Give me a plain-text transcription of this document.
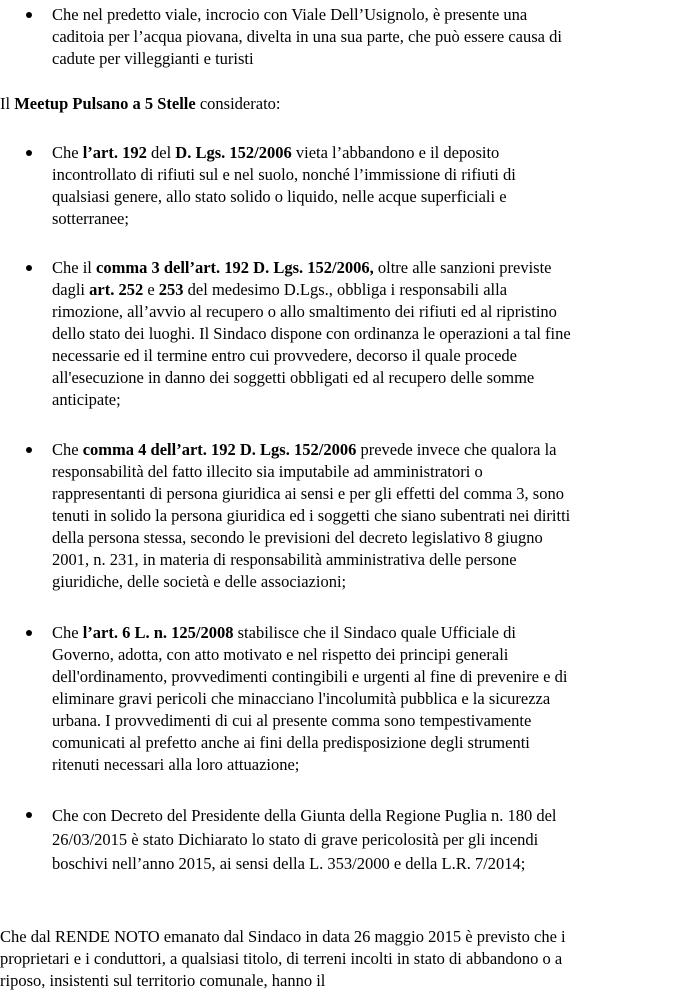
Che nel predetto viale, incrocio con Viale Dell’Usignolo, è presente una
caditoia per l’acqua piovana, divelta in una sua parte, che può essere causa di
cadute per villeggianti e turisti
Il Meetup Pulsano a 5 Stelle considerato:
Che l’art. 192 del D. Lgs. 152/2006 vieta l’abbandono e il deposito
incontrollato di rifiuti sul e nel suolo, nonché l’immissione di rifiuti di
qualsiasi genere, allo stato solido o liquido, nelle acque superficiali e
sotterranee;
Che il comma 3 dell’art. 192 D. Lgs. 152/2006, oltre alle sanzioni previste
dagli art. 252 e 253 del medesimo D.Lgs., obbliga i responsabili alla
rimozione, all’avvio al recupero o allo smaltimento dei rifiuti ed al ripristino
dello stato dei luoghi. Il Sindaco dispone con ordinanza le operazioni a tal fine
necessarie ed il termine entro cui provvedere, decorso il quale procede
all'esecuzione in danno dei soggetti obbligati ed al recupero delle somme
anticipate;
Che comma 4 dell’art. 192 D. Lgs. 152/2006 prevede invece che qualora la
responsabilità del fatto illecito sia imputabile ad amministratori o
rappresentanti di persona giuridica ai sensi e per gli effetti del comma 3, sono
tenuti in solido la persona giuridica ed i soggetti che siano subentrati nei diritti
della persona stessa, secondo le previsioni del decreto legislativo 8 giugno
2001, n. 231, in materia di responsabilità amministrativa delle persone
giuridiche, delle società e delle associazioni;
Che l’art. 6 L. n. 125/2008 stabilisce che il Sindaco quale Ufficiale di
Governo, adotta, con atto motivato e nel rispetto dei principi generali
dell'ordinamento, provvedimenti contingibili e urgenti al fine di prevenire e di
eliminare gravi pericoli che minacciano l'incolumità pubblica e la sicurezza
urbana. I provvedimenti di cui al presente comma sono tempestivamente
comunicati al prefetto anche ai fini della predisposizione degli strumenti
ritenuti necessari alla loro attuazione;
Che con Decreto del Presidente della Giunta della Regione Puglia n. 180 del
26/03/2015 è stato Dichiarato lo stato di grave pericolosità per gli incendi
boschivi nell’anno 2015, ai sensi della L. 353/2000 e della L.R. 7/2014;
Che dal RENDE NOTO emanato dal Sindaco in data 26 maggio 2015 è previsto che i
proprietari e i conduttori, a qualsiasi titolo, di terreni incolti in stato di abbandono o a
riposo, insistenti sul territorio comunale, hanno il
